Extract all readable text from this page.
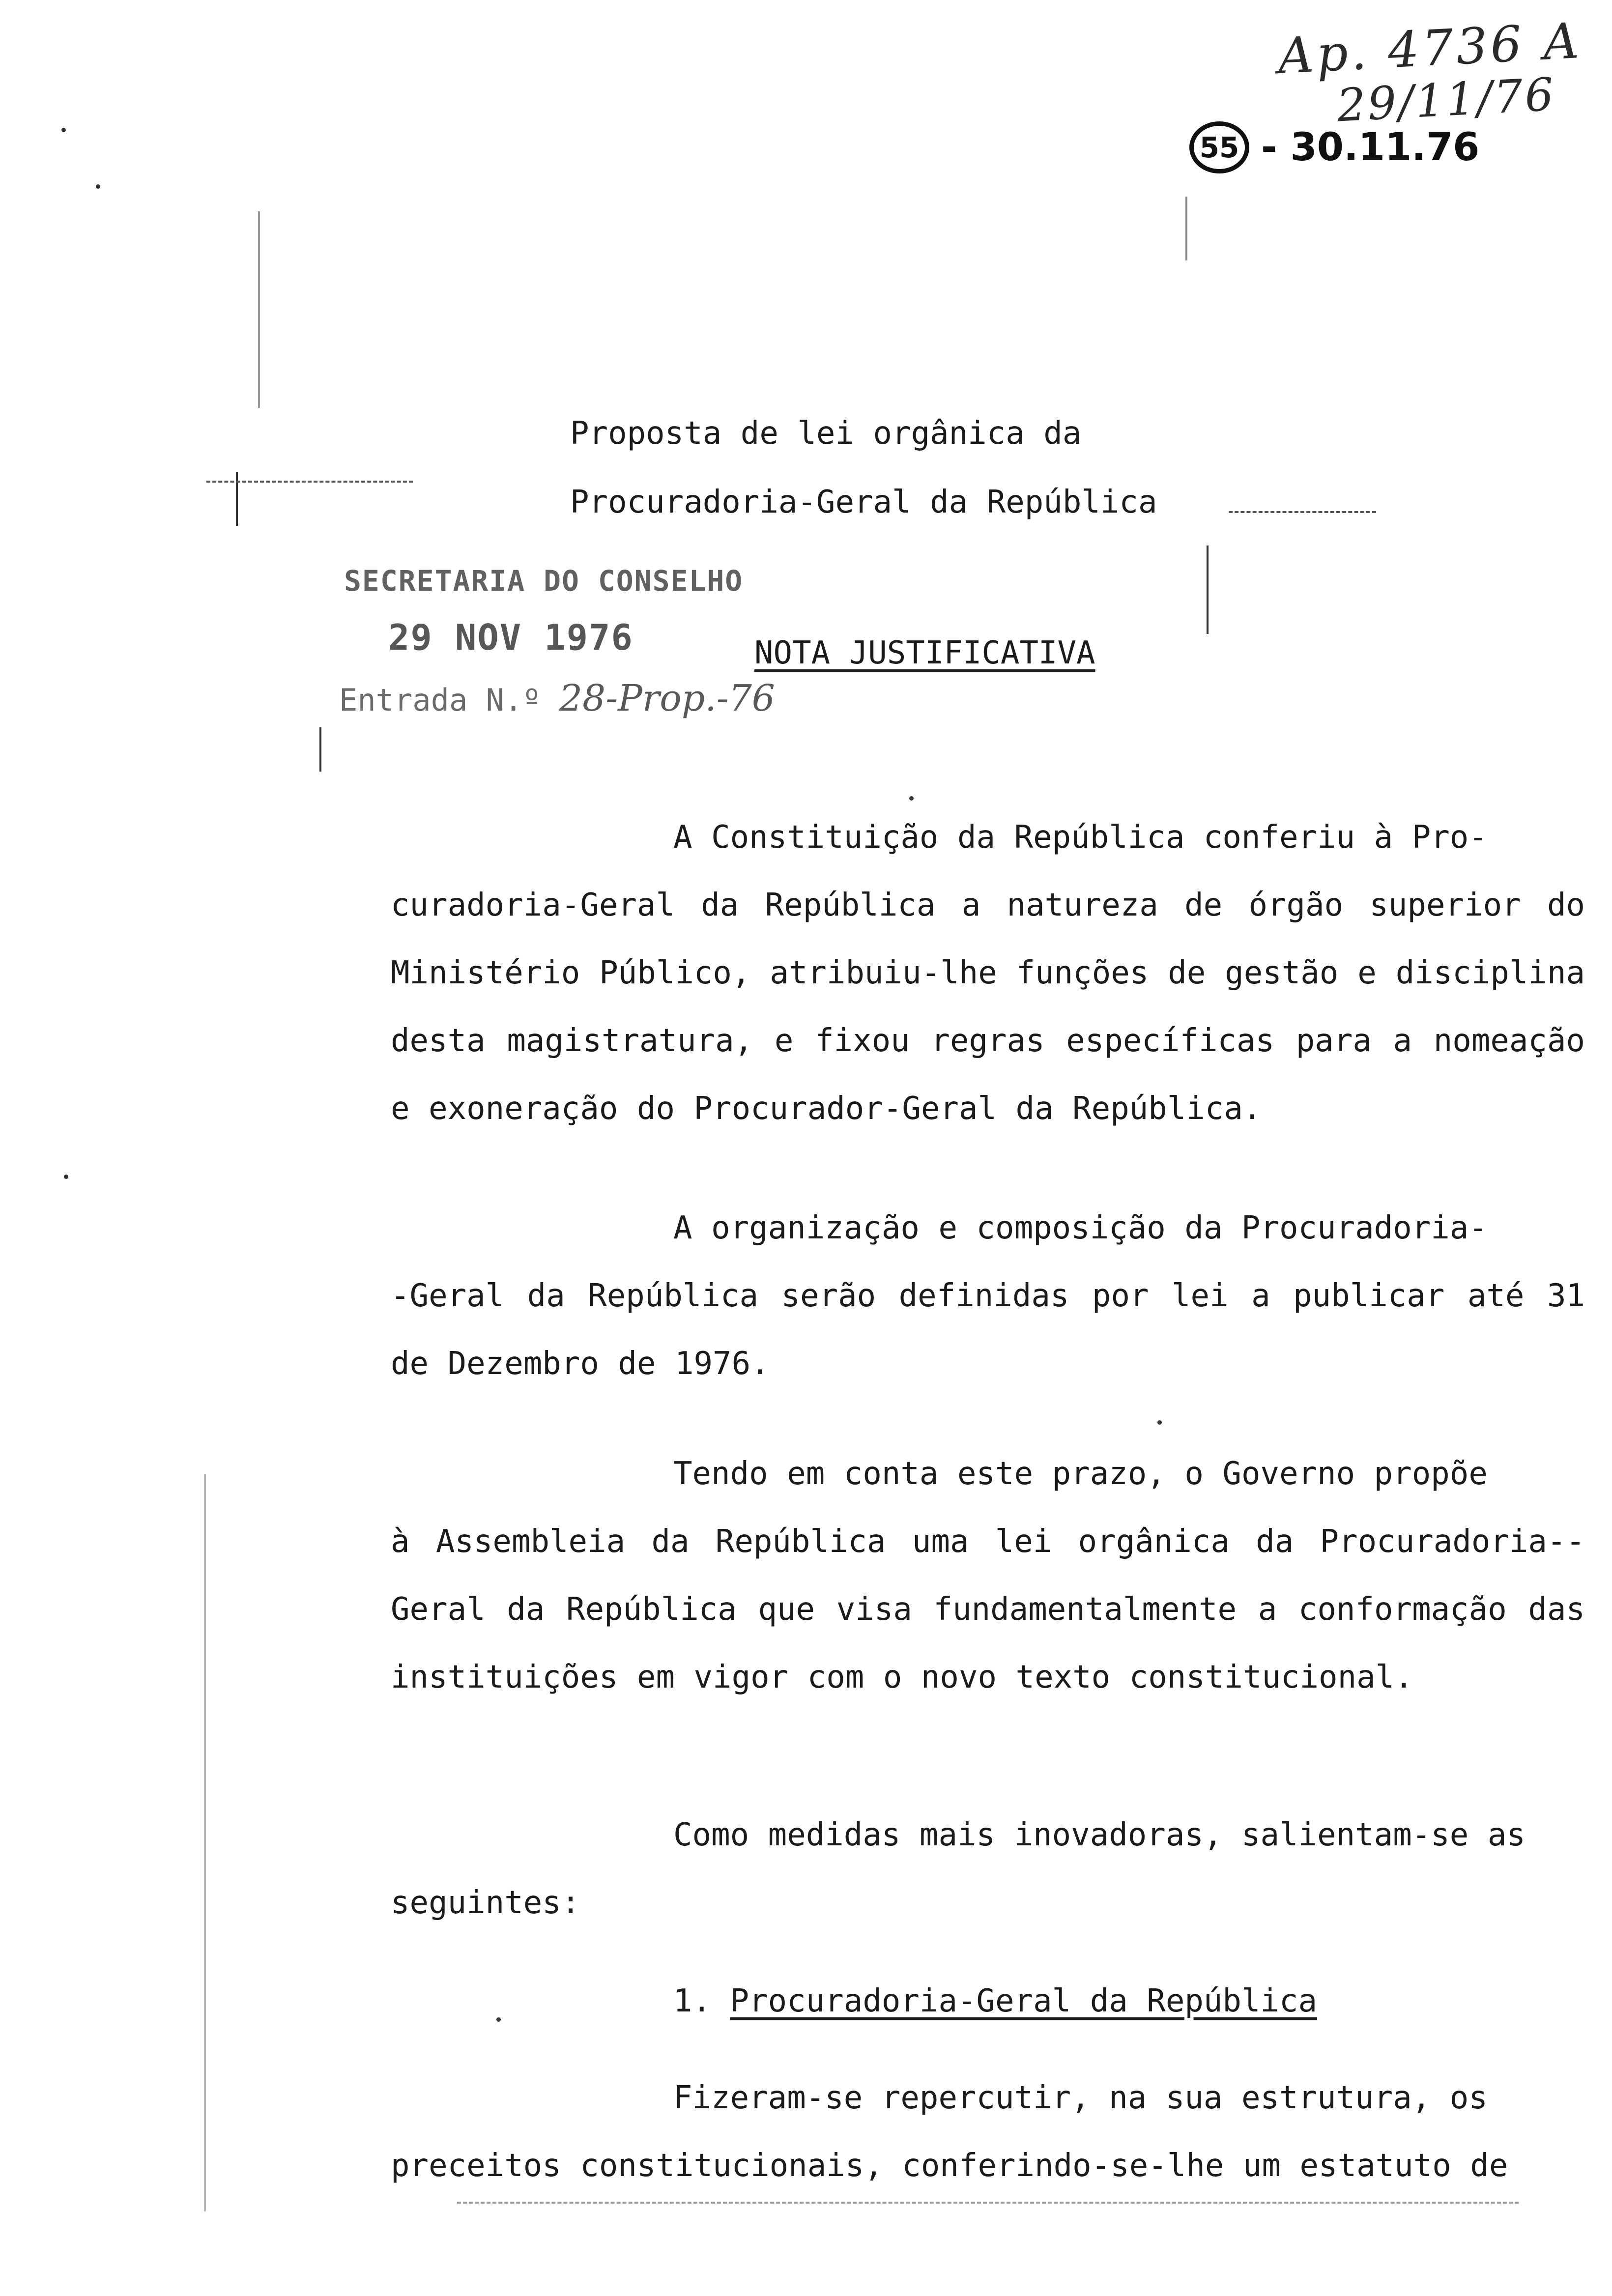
Ap. 4736 A
29/11/76
55 - 30.11.76
Proposta de lei orgânica da
Procuradoria-Geral da República
SECRETARIA DO CONSELHO
29 NOV 1976
Entrada N.º 28-Prop.-76
NOTA JUSTIFICATIVA
A Constituição da República conferiu à Pro-
curadoria-Geral da República a natureza de órgão superior do Ministério Público, atribuiu-lhe funções de gestão e disciplina desta magistratura, e fixou regras específicas para a nomeação e exoneração do Procurador-Geral da República.
A organização e composição da Procuradoria-
-Geral da República serão definidas por lei a publicar até 31 de Dezembro de 1976.
Tendo em conta este prazo, o Governo propõe
à Assembleia da República uma lei orgânica da Procuradoria--Geral da República que visa fundamentalmente a conformação das instituições em vigor com o novo texto constitucional.
Como medidas mais inovadoras, salientam-se as
seguintes:
1. Procuradoria-Geral da República
Fizeram-se repercutir, na sua estrutura, os
preceitos constitucionais, conferindo-se-lhe um estatuto de
